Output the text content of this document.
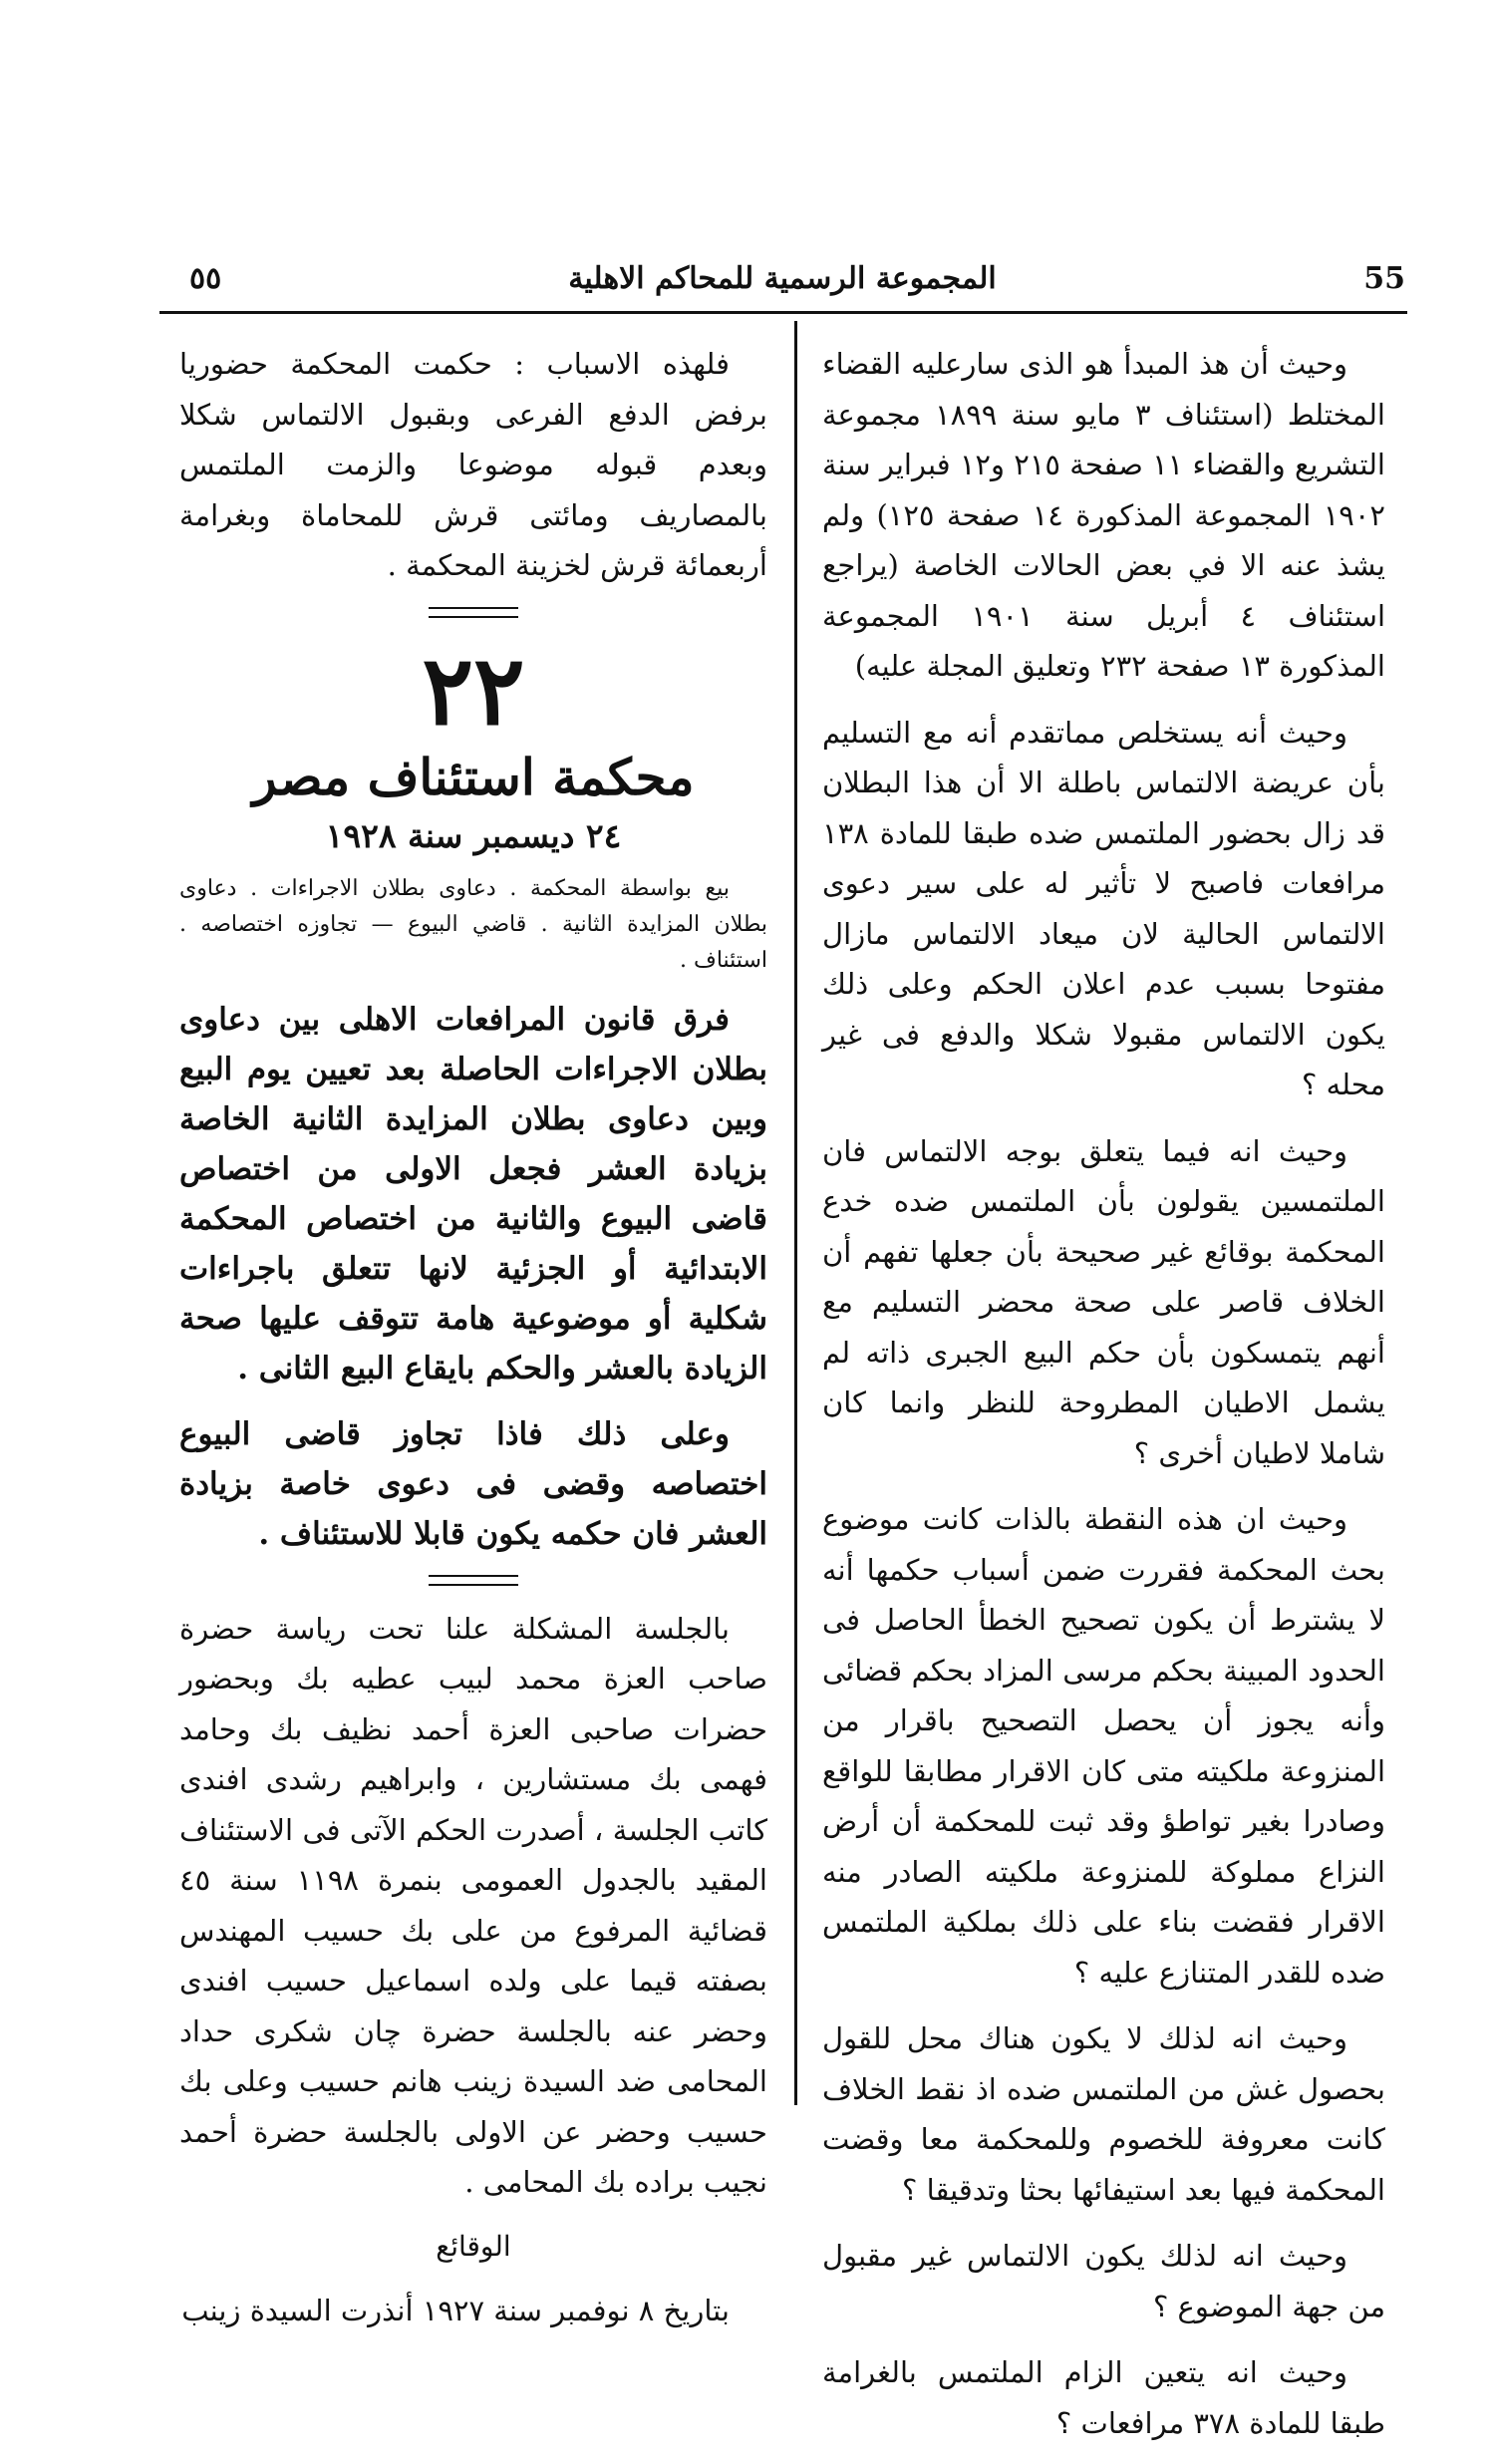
٥٥	المجموعة الرسمية للمحاكم الاهلية	55

وحيث أن هذ المبدأ هو الذى سارعليه القضاء المختلط (استئناف ٣ مايو سنة ١٨٩٩ مجموعة التشريع والقضاء ١١ صفحة ٢١٥ و١٢ فبراير سنة ١٩٠٢ المجموعة المذكورة ١٤ صفحة ١٢٥) ولم يشذ عنه الا في بعض الحالات الخاصة (يراجع استئناف ٤ أبريل سنة ١٩٠١ المجموعة المذكورة ١٣ صفحة ٢٣٢ وتعليق المجلة عليه)

وحيث أنه يستخلص مماتقدم أنه مع التسليم بأن عريضة الالتماس باطلة الا أن هذا البطلان قد زال بحضور الملتمس ضده طبقا للمادة ١٣٨ مرافعات فاصبح لا تأثير له على سير دعوى الالتماس الحالية لان ميعاد الالتماس مازال مفتوحا بسبب عدم اعلان الحكم وعلى ذلك يكون الالتماس مقبولا شكلا والدفع فى غير محله ؟

وحيث انه فيما يتعلق بوجه الالتماس فان الملتمسين يقولون بأن الملتمس ضده خدع المحكمة بوقائع غير صحيحة بأن جعلها تفهم أن الخلاف قاصر على صحة محضر التسليم مع أنهم يتمسكون بأن حكم البيع الجبرى ذاته لم يشمل الاطيان المطروحة للنظر وانما كان شاملا لاطيان أخرى ؟

وحيث ان هذه النقطة بالذات كانت موضوع بحث المحكمة فقررت ضمن أسباب حكمها أنه لا يشترط أن يكون تصحيح الخطأ الحاصل فى الحدود المبينة بحكم مرسى المزاد بحكم قضائى وأنه يجوز أن يحصل التصحيح باقرار من المنزوعة ملكيته متى كان الاقرار مطابقا للواقع وصادرا بغير تواطؤ وقد ثبت للمحكمة أن أرض النزاع مملوكة للمنزوعة ملكيته الصادر منه الاقرار فقضت بناء على ذلك بملكية الملتمس ضده للقدر المتنازع عليه ؟

وحيث انه لذلك لا يكون هناك محل للقول بحصول غش من الملتمس ضده اذ نقط الخلاف كانت معروفة للخصوم وللمحكمة معا وقضت المحكمة فيها بعد استيفائها بحثا وتدقيقا ؟

وحيث انه لذلك يكون الالتماس غير مقبول من جهة الموضوع ؟

وحيث انه يتعين الزام الملتمس بالغرامة طبقا للمادة ٣٧٨ مرافعات ؟

فلهذه الاسباب : حكمت المحكمة حضوريا برفض الدفع الفرعى وبقبول الالتماس شكلا وبعدم قبوله موضوعا والزمت الملتمس بالمصاريف ومائتى قرش للمحاماة وبغرامة أربعمائة قرش لخزينة المحكمة .

٢٢
محكمة استئناف مصر
٢٤ ديسمبر سنة ١٩٢٨

بيع بواسطة المحكمة . دعاوى بطلان الاجراءات . دعاوى بطلان المزايدة الثانية . قاضي البيوع — تجاوزه اختصاصه . استئناف .

فرق قانون المرافعات الاهلى بين دعاوى بطلان الاجراءات الحاصلة بعد تعيين يوم البيع وبين دعاوى بطلان المزايدة الثانية الخاصة بزيادة العشر فجعل الاولى من اختصاص قاضى البيوع والثانية من اختصاص المحكمة الابتدائية أو الجزئية لانها تتعلق باجراءات شكلية أو موضوعية هامة تتوقف عليها صحة الزيادة بالعشر والحكم بايقاع البيع الثانى .

وعلى ذلك فاذا تجاوز قاضى البيوع اختصاصه وقضى فى دعوى خاصة بزيادة العشر فان حكمه يكون قابلا للاستئناف .

بالجلسة المشكلة علنا تحت رياسة حضرة صاحب العزة محمد لبيب عطيه بك وبحضور حضرات صاحبى العزة أحمد نظيف بك وحامد فهمى بك مستشارين ، وابراهيم رشدى افندى كاتب الجلسة ، أصدرت الحكم الآتى فى الاستئناف المقيد بالجدول العمومى بنمرة ١١٩٨ سنة ٤٥ قضائية المرفوع من على بك حسيب المهندس بصفته قيما على ولده اسماعيل حسيب افندى وحضر عنه بالجلسة حضرة چان شكرى حداد المحامى ضد السيدة زينب هانم حسيب وعلى بك حسيب وحضر عن الاولى بالجلسة حضرة أحمد نجيب براده بك المحامى .

الوقائع

بتاريخ ٨ نوفمبر سنة ١٩٢٧ أنذرت السيدة زينب
